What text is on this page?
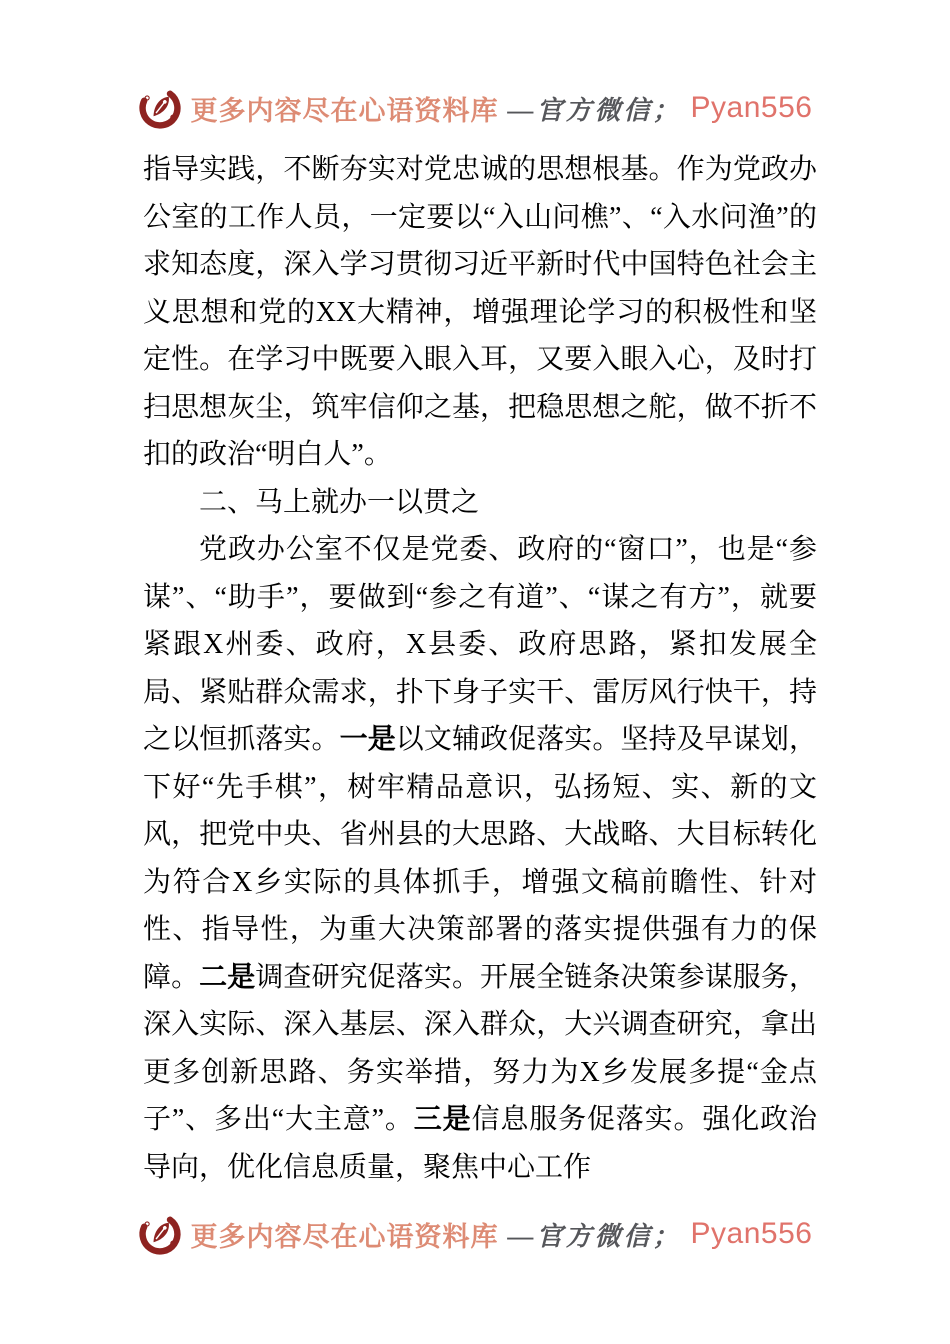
更多内容尽在心语资料库 —官方微信； Pyan556

指导实践，不断夯实对党忠诚的思想根基。作为党政办公室的工作人员，一定要以“入山问樵”、“入水问渔”的求知态度，深入学习贯彻习近平新时代中国特色社会主义思想和党的XX大精神，增强理论学习的积极性和坚定性。在学习中既要入眼入耳，又要入眼入心，及时打扫思想灰尘，筑牢信仰之基，把稳思想之舵，做不折不扣的政治“明白人”。

二、马上就办一以贯之

党政办公室不仅是党委、政府的“窗口”，也是“参谋”、“助手”，要做到“参之有道”、“谋之有方”，就要紧跟X州委、政府，X县委、政府思路，紧扣发展全局、紧贴群众需求，扑下身子实干、雷厉风行快干，持之以恒抓落实。一是以文辅政促落实。坚持及早谋划，下好“先手棋”，树牢精品意识，弘扬短、实、新的文风，把党中央、省州县的大思路、大战略、大目标转化为符合X乡实际的具体抓手，增强文稿前瞻性、针对性、指导性，为重大决策部署的落实提供强有力的保障。二是调查研究促落实。开展全链条决策参谋服务，深入实际、深入基层、深入群众，大兴调查研究，拿出更多创新思路、务实举措，努力为X乡发展多提“金点子”、多出“大主意”。三是信息服务促落实。强化政治导向，优化信息质量，聚焦中心工作

更多内容尽在心语资料库 —官方微信； Pyan556
